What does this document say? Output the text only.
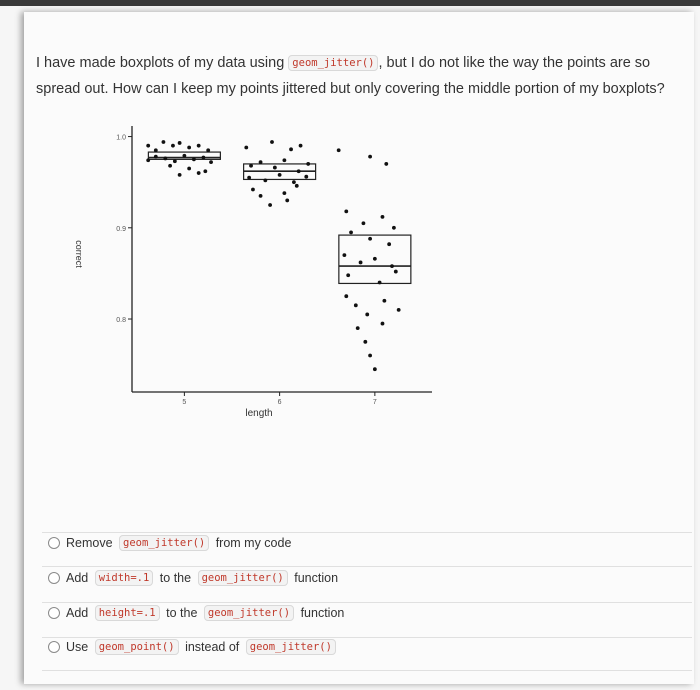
I have made boxplots of my data using geom_jitter() , but I do not like the way the points are so spread out. How can I keep my points jittered but only covering the middle portion of my boxplots?
0.8
0.9
1.0
5	6	7
length
correct
Remove geom_jitter() from my code
Add width=.1 to the geom_jitter() function
Add height=.1 to the geom_jitter() function
Use geom_point() instead of geom_jitter()
